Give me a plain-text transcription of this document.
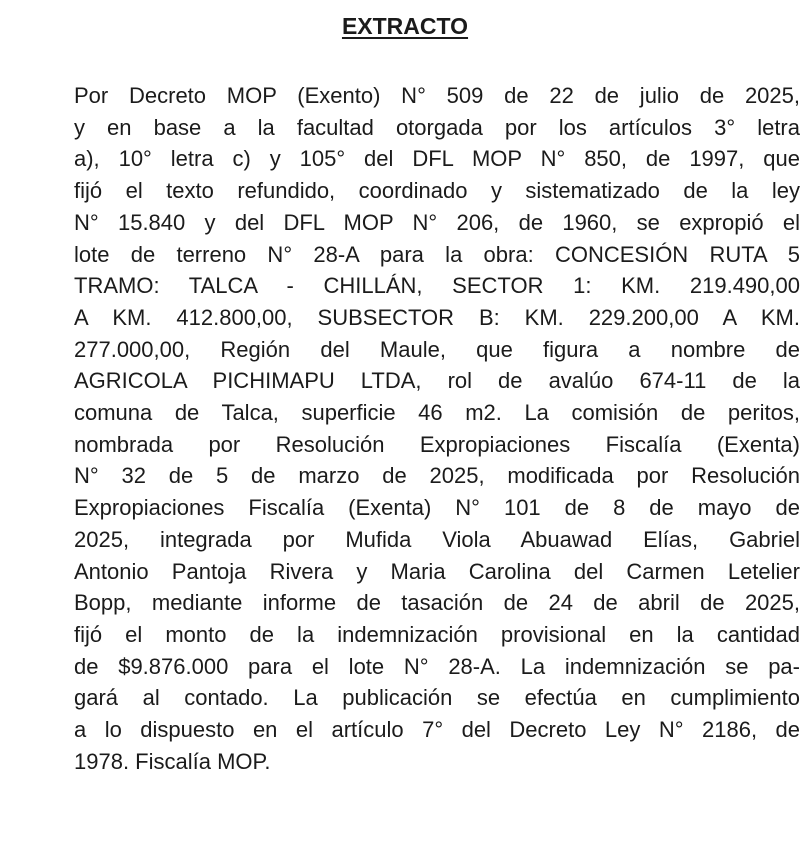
EXTRACTO
Por Decreto MOP (Exento) N° 509 de 22 de julio de 2025,
y en base a la facultad otorgada por los artículos 3° letra
a), 10° letra c) y 105° del DFL MOP N° 850, de 1997, que
fijó el texto refundido, coordinado y sistematizado de la ley
N° 15.840 y del DFL MOP N° 206, de 1960, se expropió el
lote de terreno N° 28-A para la obra: CONCESIÓN RUTA 5
TRAMO: TALCA - CHILLÁN, SECTOR 1: KM. 219.490,00
A KM. 412.800,00, SUBSECTOR B: KM. 229.200,00 A KM.
277.000,00, Región del Maule, que figura a nombre de
AGRICOLA PICHIMAPU LTDA, rol de avalúo 674-11 de la
comuna de Talca, superficie 46 m2. La comisión de peritos,
nombrada por Resolución Expropiaciones Fiscalía (Exenta)
N° 32 de 5 de marzo de 2025, modificada por Resolución
Expropiaciones Fiscalía (Exenta) N° 101 de 8 de mayo de
2025, integrada por Mufida Viola Abuawad Elías, Gabriel
Antonio Pantoja Rivera y Maria Carolina del Carmen Letelier
Bopp, mediante informe de tasación de 24 de abril de 2025,
fijó el monto de la indemnización provisional en la cantidad
de $9.876.000 para el lote N° 28-A. La indemnización se pa-
gará al contado. La publicación se efectúa en cumplimiento
a lo dispuesto en el artículo 7° del Decreto Ley N° 2186, de
1978. Fiscalía MOP.
